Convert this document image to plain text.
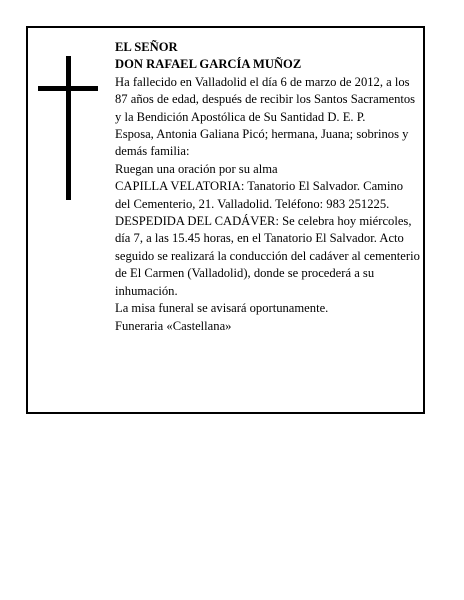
EL SEÑOR

DON RAFAEL GARCÍA MUÑOZ

Ha fallecido en Valladolid el día 6 de marzo de 2012, a los 87 años de edad, después de recibir los Santos Sacramentos y la Bendición Apostólica de Su Santidad D. E. P.

Esposa, Antonia Galiana Picó; hermana, Juana; sobrinos y demás familia:

Ruegan una oración por su alma

CAPILLA VELATORIA: Tanatorio El Salvador. Camino del Cementerio, 21. Valladolid. Teléfono: 983 251225.

DESPEDIDA DEL CADÁVER: Se celebra hoy miércoles, día 7, a las 15.45 horas, en el Tanatorio El Salvador. Acto seguido se realizará la conducción del cadáver al cementerio de El Carmen (Valladolid), donde se procederá a su inhumación.

La misa funeral se avisará oportunamente.

Funeraria «Castellana»
